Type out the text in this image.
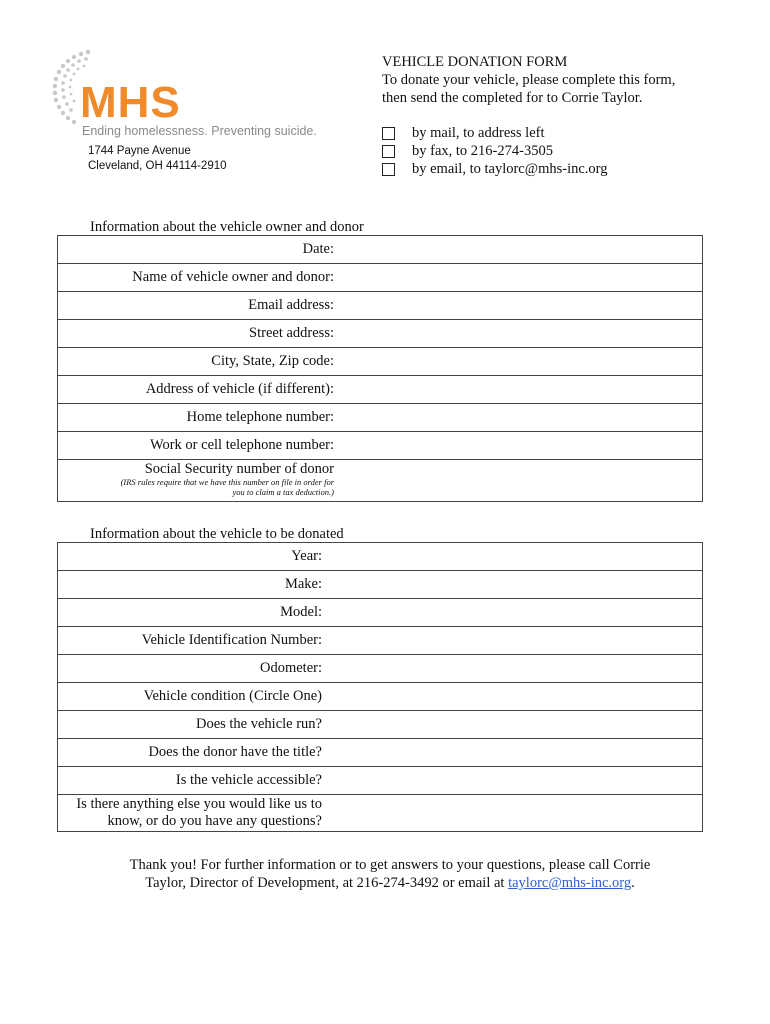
MHS
Ending homelessness. Preventing suicide.
1744 Payne Avenue
Cleveland, OH 44114-2910
VEHICLE DONATION FORM
To donate your vehicle, please complete this form,
then send the completed for to Corrie Taylor.
by mail, to address left
by fax, to 216-274-3505
by email, to taylorc@mhs-inc.org
Information about the vehicle owner and donor
Date:	
Name of vehicle owner and donor:	
Email address:	
Street address:	
City, State, Zip code:	
Address of vehicle (if different):	
Home telephone number:	
Work or cell telephone number:	

Social Security number of donor
(IRS rules require that we have this number on file in order for
you to claim a tax deduction.)	

Information about the vehicle to be donated
Year:	
Make:	
Model:	
Vehicle Identification Number:	
Odometer:	
Vehicle condition (Circle One)	
Does the vehicle run?	
Does the donor have the title?	
Is the vehicle accessible?	

Is there anything else you would like us to
know, or do you have any questions?	

Thank you! For further information or to get answers to your questions, please call Corrie
Taylor, Director of Development, at 216-274-3492 or email at taylorc@mhs-inc.org.
